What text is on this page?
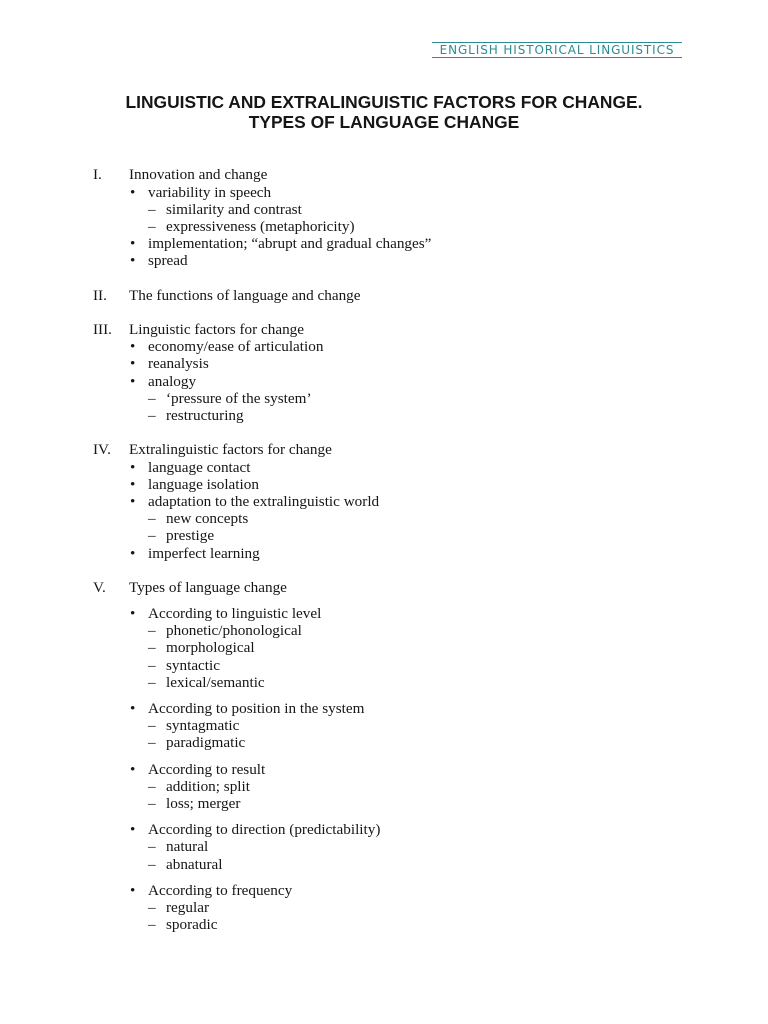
ENGLISH HISTORICAL LINGUISTICS
LINGUISTIC AND EXTRALINGUISTIC FACTORS FOR CHANGE.
TYPES OF LANGUAGE CHANGE
I. Innovation and change
• variability in speech
– similarity and contrast
– expressiveness (metaphoricity)
• implementation; “abrupt and gradual changes”
• spread
II. The functions of language and change
III. Linguistic factors for change
• economy/ease of articulation
• reanalysis
• analogy
– ‘pressure of the system’
– restructuring
IV. Extralinguistic factors for change
• language contact
• language isolation
• adaptation to the extralinguistic world
– new concepts
– prestige
• imperfect learning
V. Types of language change
• According to linguistic level
– phonetic/phonological
– morphological
– syntactic
– lexical/semantic
• According to position in the system
– syntagmatic
– paradigmatic
• According to result
– addition; split
– loss; merger
• According to direction (predictability)
– natural
– abnatural
• According to frequency
– regular
– sporadic
